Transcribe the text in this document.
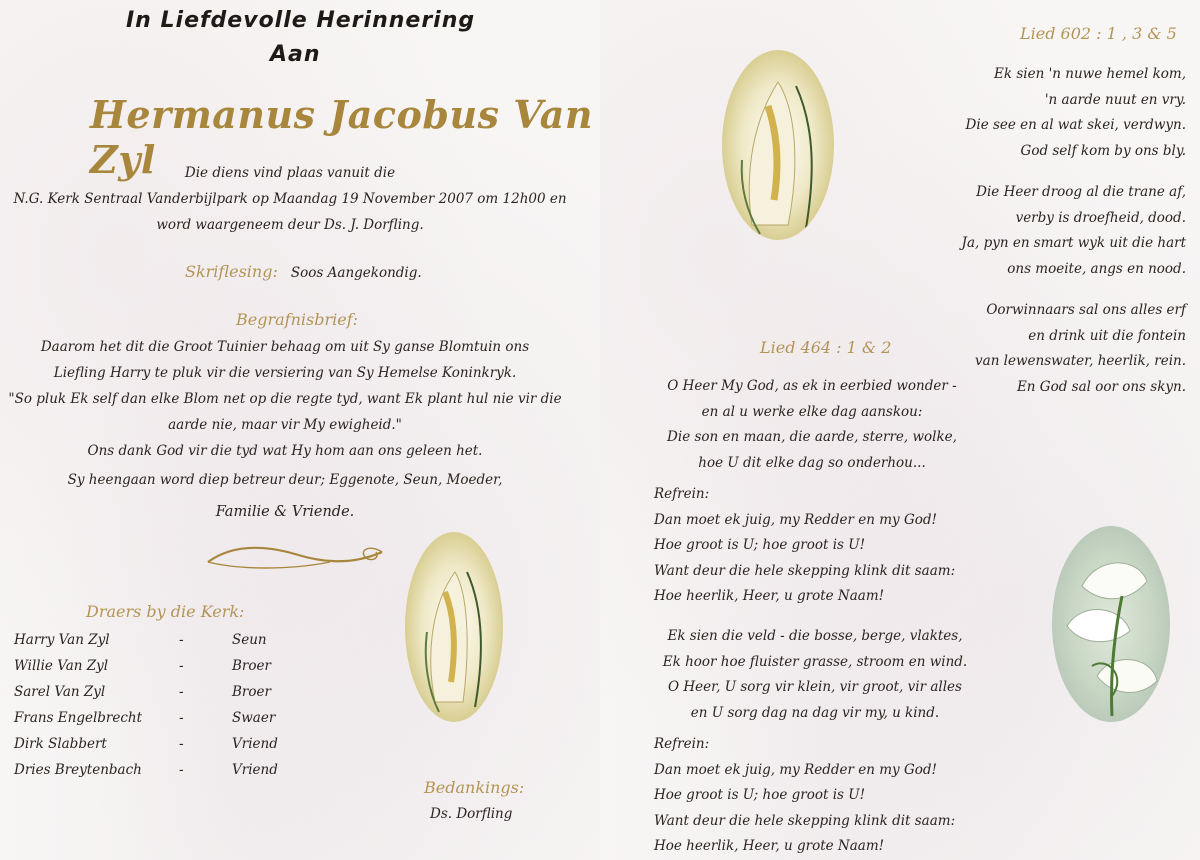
In Liefdevolle Herinnering
Aan
Hermanus Jacobus Van Zyl	Die diens vind plaas vanuit die
N.G. Kerk Sentraal Vanderbijlpark op Maandag 19 November 2007 om 12h00 en
word waargeneem deur Ds. J. Dorfling.
Skriflesing: Soos Aangekondig.
Begrafnisbrief:
Daarom het dit die Groot Tuinier behaag om uit Sy ganse Blomtuin ons
Liefling Harry te pluk vir die versiering van Sy Hemelse Koninkryk.
"So pluk Ek self dan elke Blom net op die regte tyd, want Ek plant hul nie vir die
aarde nie, maar vir My ewigheid."
Ons dank God vir die tyd wat Hy hom aan ons geleen het.
Sy heengaan word diep betreur deur; Eggenote, Seun, Moeder,
Familie & Vriende.
Draers by die Kerk:
Harry Van Zyl	-	Seun
Willie Van Zyl	-	Broer
Sarel Van Zyl	-	Broer
Frans Engelbrecht	-	Swaer
Dirk Slabbert	-	Vriend
Dries Breytenbach	-	Vriend
Bedankings:
Ds. Dorfling
Lied 602 : 1 , 3 & 5
Ek sien 'n nuwe hemel kom,
'n aarde nuut en vry.
Die see en al wat skei, verdwyn.
God self kom by ons bly.
Die Heer droog al die trane af,
verby is droefheid, dood.
Ja, pyn en smart wyk uit die hart
ons moeite, angs en nood.
Oorwinnaars sal ons alles erf
en drink uit die fontein
van lewenswater, heerlik, rein.
En God sal oor ons skyn.
Lied 464 : 1 & 2
O Heer My God, as ek in eerbied wonder -
en al u werke elke dag aanskou:
Die son en maan, die aarde, sterre, wolke,
hoe U dit elke dag so onderhou...
Refrein:
Dan moet ek juig, my Redder en my God!
Hoe groot is U; hoe groot is U!
Want deur die hele skepping klink dit saam:
Hoe heerlik, Heer, u grote Naam!
Ek sien die veld - die bosse, berge, vlaktes,
Ek hoor hoe fluister grasse, stroom en wind.
O Heer, U sorg vir klein, vir groot, vir alles
en U sorg dag na dag vir my, u kind.
Refrein:
Dan moet ek juig, my Redder en my God!
Hoe groot is U; hoe groot is U!
Want deur die hele skepping klink dit saam:
Hoe heerlik, Heer, u grote Naam!
